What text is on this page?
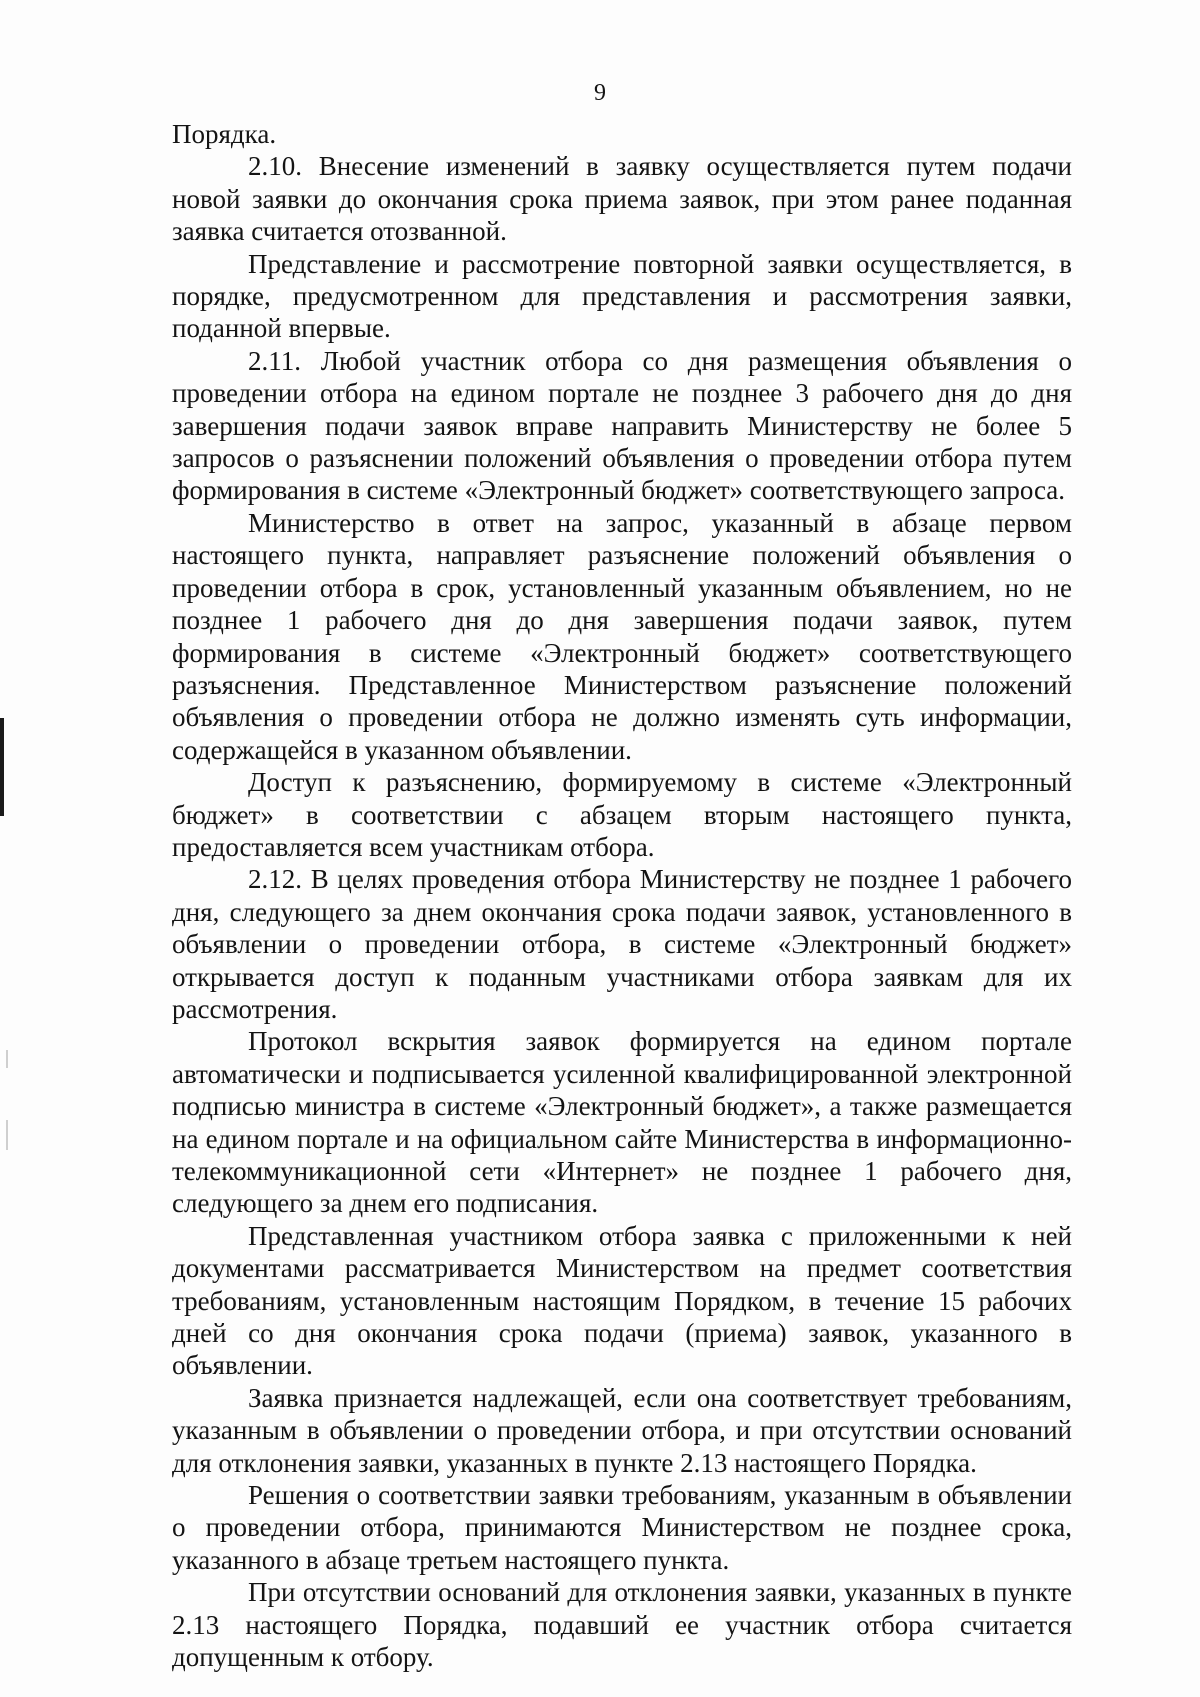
9

Порядка.

2.10. Внесение изменений в заявку осуществляется путем подачи новой заявки до окончания срока приема заявок, при этом ранее поданная заявка считается отозванной.

Представление и рассмотрение повторной заявки осуществляется, в порядке, предусмотренном для представления и рассмотрения заявки, поданной впервые.

2.11. Любой участник отбора со дня размещения объявления о проведении отбора на едином портале не позднее 3 рабочего дня до дня завершения подачи заявок вправе направить Министерству не более 5 запросов о разъяснении положений объявления о проведении отбора путем формирования в системе «Электронный бюджет» соответствующего запроса.

Министерство в ответ на запрос, указанный в абзаце первом настоящего пункта, направляет разъяснение положений объявления о проведении отбора в срок, установленный указанным объявлением, но не позднее 1 рабочего дня до дня завершения подачи заявок, путем формирования в системе «Электронный бюджет» соответствующего разъяснения. Представленное Министерством разъяснение положений объявления о проведении отбора не должно изменять суть информации, содержащейся в указанном объявлении.

Доступ к разъяснению, формируемому в системе «Электронный бюджет» в соответствии с абзацем вторым настоящего пункта, предоставляется всем участникам отбора.

2.12. В целях проведения отбора Министерству не позднее 1 рабочего дня, следующего за днем окончания срока подачи заявок, установленного в объявлении о проведении отбора, в системе «Электронный бюджет» открывается доступ к поданным участниками отбора заявкам для их рассмотрения.

Протокол вскрытия заявок формируется на едином портале автоматически и подписывается усиленной квалифицированной электронной подписью министра в системе «Электронный бюджет», а также размещается на едином портале и на официальном сайте Министерства в информационно-телекоммуникационной сети «Интернет» не позднее 1 рабочего дня, следующего за днем его подписания.

Представленная участником отбора заявка с приложенными к ней документами рассматривается Министерством на предмет соответствия требованиям, установленным настоящим Порядком, в течение 15 рабочих дней со дня окончания срока подачи (приема) заявок, указанного в объявлении.

Заявка признается надлежащей, если она соответствует требованиям, указанным в объявлении о проведении отбора, и при отсутствии оснований для отклонения заявки, указанных в пункте 2.13 настоящего Порядка.

Решения о соответствии заявки требованиям, указанным в объявлении о проведении отбора, принимаются Министерством не позднее срока, указанного в абзаце третьем настоящего пункта.

При отсутствии оснований для отклонения заявки, указанных в пункте 2.13 настоящего Порядка, подавший ее участник отбора считается допущенным к отбору.
